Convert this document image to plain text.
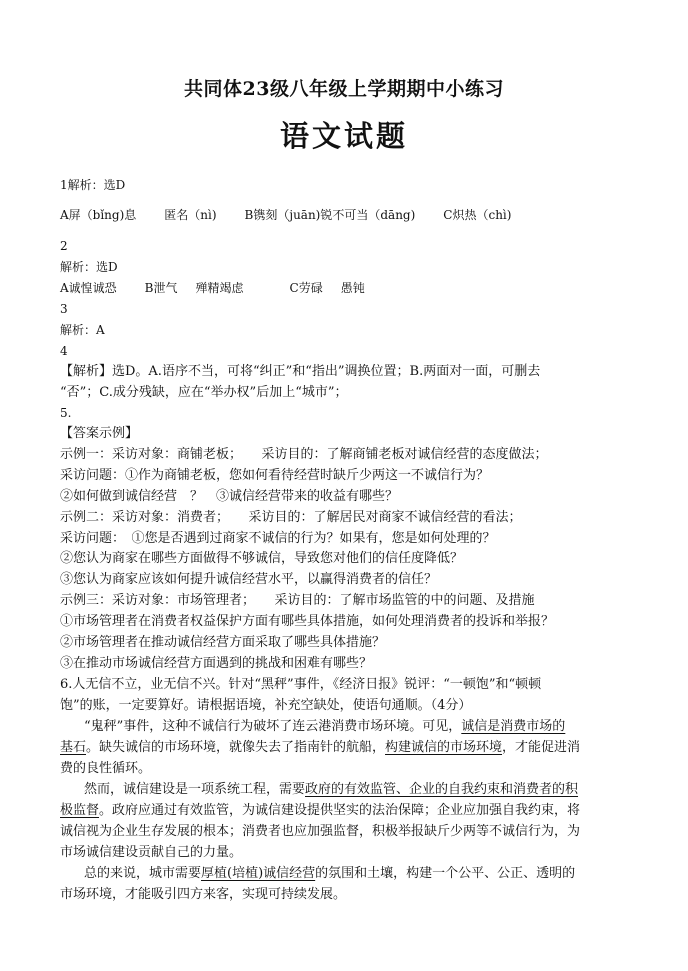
共同体23级八年级上学期期中小练习
语文试题
1解析：选D
A屏（bǐng)息 匿名（nì) B镌刻（juān)锐不可当（dāng) C炽热（chì)
2
解析：选D
A诚惶诚恐 B泄气 殚精竭虑	C劳碌 愚钝
3
解析：A
4
【解析】选D。A.语序不当，可将“纠正”和“指出”调换位置；B.两面对一面，可删去
“否”；C.成分残缺，应在“举办权”后加上“城市”；
5.
【答案示例】
示例一：采访对象：商铺老板；　　采访目的：了解商铺老板对诚信经营的态度做法；
采访问题：①作为商铺老板，您如何看待经营时缺斤少两这一不诚信行为？
②如何做到诚信经营　？　③诚信经营带来的收益有哪些？
示例二：采访对象：消费者；　　采访目的：了解居民对商家不诚信经营的看法；
采访问题：　①您是否遇到过商家不诚信的行为？如果有，您是如何处理的？
②您认为商家在哪些方面做得不够诚信，导致您对他们的信任度降低？
③您认为商家应该如何提升诚信经营水平，以赢得消费者的信任？
示例三：采访对象：市场管理者；　　采访目的：了解市场监管的中的问题、及措施
①市场管理者在消费者权益保护方面有哪些具体措施，如何处理消费者的投诉和举报？
②市场管理者在推动诚信经营方面采取了哪些具体措施？
③在推动市场诚信经营方面遇到的挑战和困难有哪些？
6.人无信不立，业无信不兴。针对“黑秤”事件，《经济日报》锐评：“一顿饱”和“顿顿
饱”的账，一定要算好。请根据语境，补充空缺处，使语句通顺。（4分）
“鬼秤”事件，这种不诚信行为破坏了连云港消费市场环境。可见，诚信是消费市场的
基石。缺失诚信的市场环境，就像失去了指南针的航船，构建诚信的市场环境，才能促进消
费的良性循环。
然而，诚信建设是一项系统工程，需要政府的有效监管、企业的自我约束和消费者的积
极监督。政府应通过有效监管，为诚信建设提供坚实的法治保障；企业应加强自我约束，将
诚信视为企业生存发展的根本；消费者也应加强监督，积极举报缺斤少两等不诚信行为，为
市场诚信建设贡献自己的力量。
总的来说，城市需要厚植(培植)诚信经营的氛围和土壤，构建一个公平、公正、透明的
市场环境，才能吸引四方来客，实现可持续发展。
